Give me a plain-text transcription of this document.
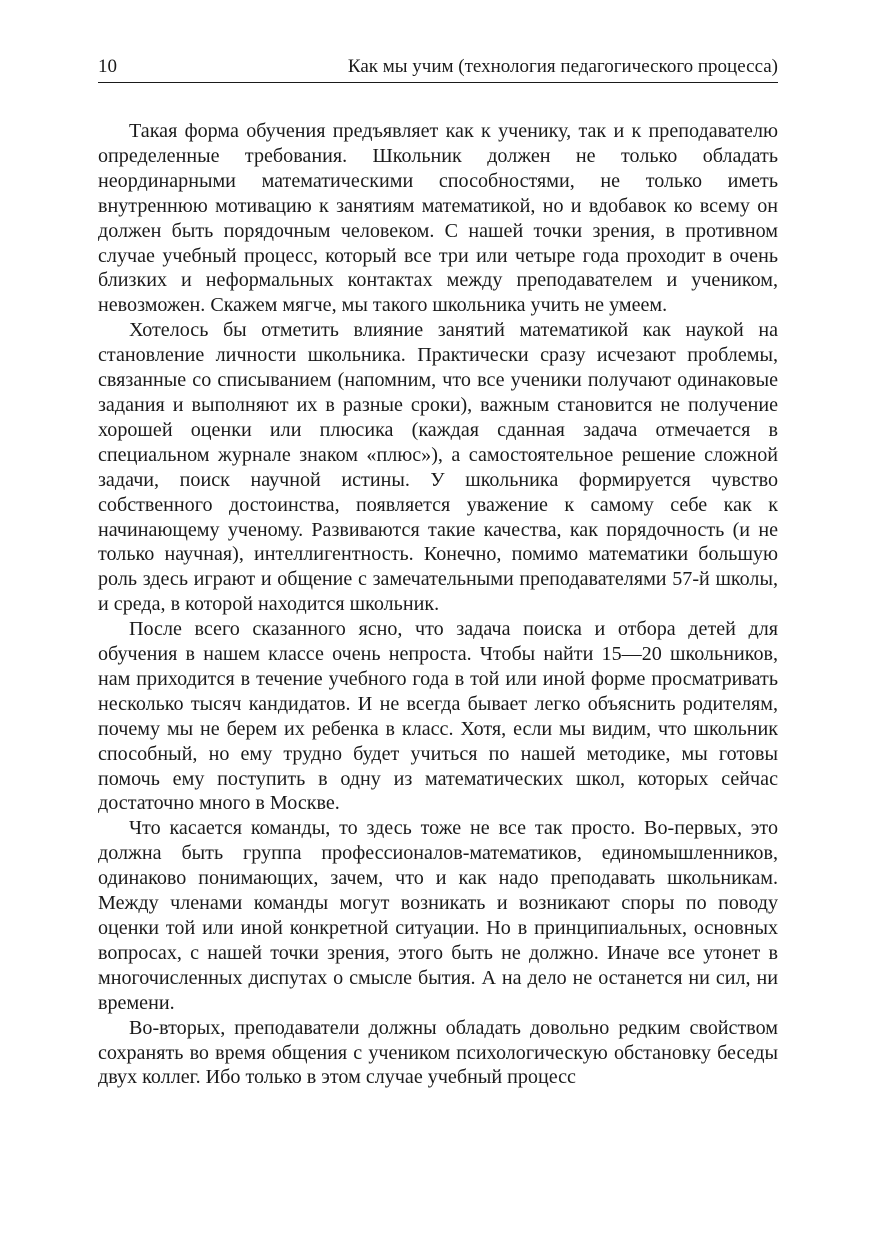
10	Как мы учим (технология педагогического процесса)

Такая форма обучения предъявляет как к ученику, так и к преподавателю определенные требования. Школьник должен не только обладать неординарными математическими способностями, не только иметь внутреннюю мотивацию к занятиям математикой, но и вдобавок ко всему он должен быть порядочным человеком. С нашей точки зрения, в противном случае учебный процесс, который все три или четыре года проходит в очень близких и неформальных контактах между преподавателем и учеником, невозможен. Скажем мягче, мы такого школьника учить не умеем.

Хотелось бы отметить влияние занятий математикой как наукой на становление личности школьника. Практически сразу исчезают проблемы, связанные со списыванием (напомним, что все ученики получают одинаковые задания и выполняют их в разные сроки), важным становится не получение хорошей оценки или плюсика (каждая сданная задача отмечается в специальном журнале знаком «плюс»), а самостоятельное решение сложной задачи, поиск научной истины. У школьника формируется чувство собственного достоинства, появляется уважение к самому себе как к начинающему ученому. Развиваются такие качества, как порядочность (и не только научная), интеллигентность. Конечно, помимо математики большую роль здесь играют и общение с замечательными преподавателями 57-й школы, и среда, в которой находится школьник.

После всего сказанного ясно, что задача поиска и отбора детей для обучения в нашем классе очень непроста. Чтобы найти 15—20 школьников, нам приходится в течение учебного года в той или иной форме просматривать несколько тысяч кандидатов. И не всегда бывает легко объяснить родителям, почему мы не берем их ребенка в класс. Хотя, если мы видим, что школьник способный, но ему трудно будет учиться по нашей методике, мы готовы помочь ему поступить в одну из математических школ, которых сейчас достаточно много в Москве.

Что касается команды, то здесь тоже не все так просто. Во-первых, это должна быть группа профессионалов-математиков, единомышленников, одинаково понимающих, зачем, что и как надо преподавать школьникам. Между членами команды могут возникать и возникают споры по поводу оценки той или иной конкретной ситуации. Но в принципиальных, основных вопросах, с нашей точки зрения, этого быть не должно. Иначе все утонет в многочисленных диспутах о смысле бытия. А на дело не останется ни сил, ни времени.

Во-вторых, преподаватели должны обладать довольно редким свойством сохранять во время общения с учеником психологическую обстановку беседы двух коллег. Ибо только в этом случае учебный процесс
